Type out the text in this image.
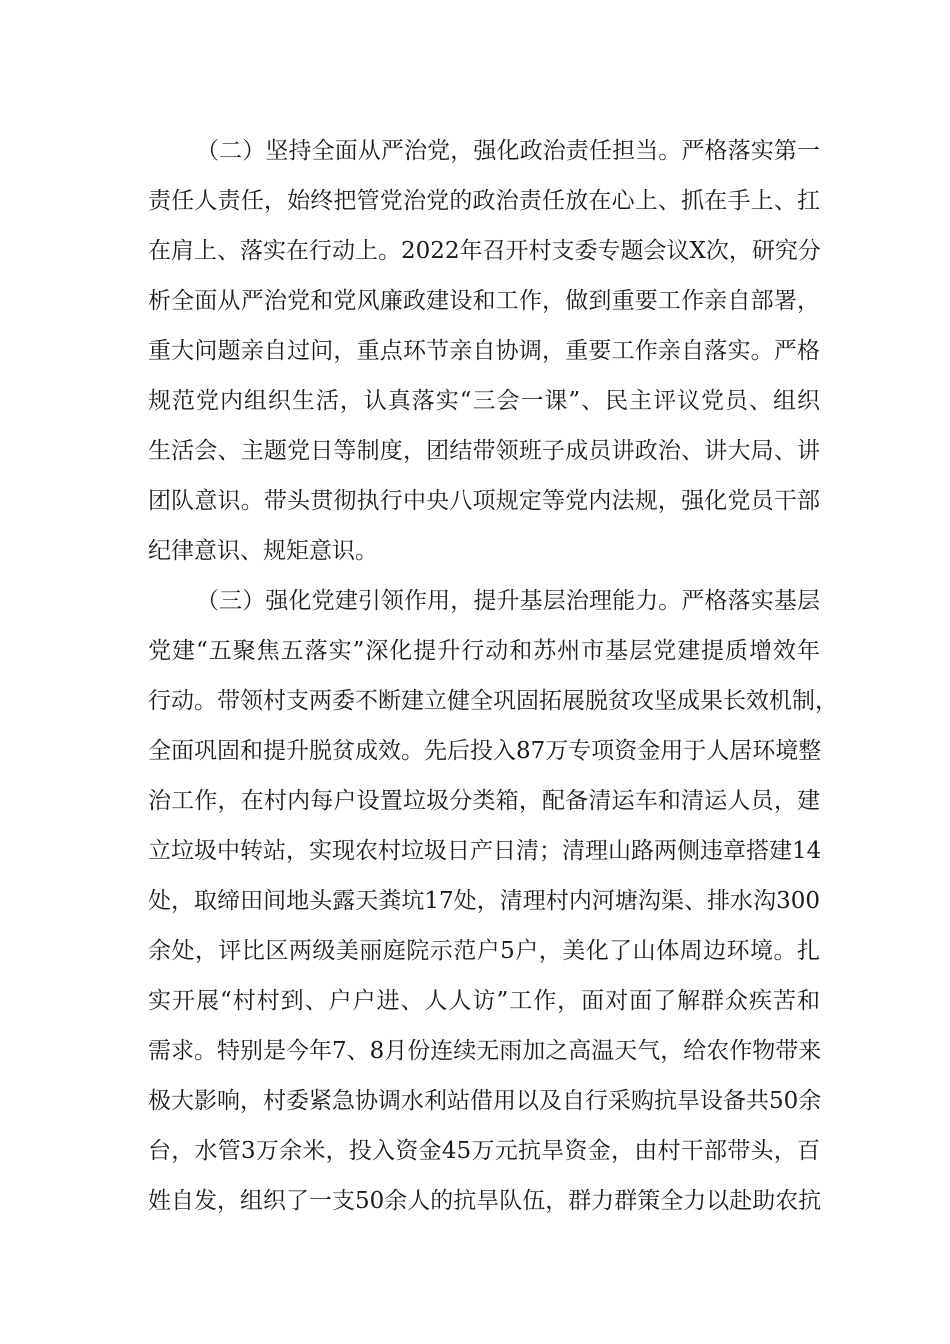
（二）坚持全面从严治党，强化政治责任担当。严格落实第一
责任人责任，始终把管党治党的政治责任放在心上、抓在手上、扛
在肩上、落实在行动上。2022年召开村支委专题会议X次，研究分
析全面从严治党和党风廉政建设和工作，做到重要工作亲自部署，
重大问题亲自过问，重点环节亲自协调，重要工作亲自落实。严格
规范党内组织生活，认真落实“三会一课”、民主评议党员、组织
生活会、主题党日等制度，团结带领班子成员讲政治、讲大局、讲
团队意识。带头贯彻执行中央八项规定等党内法规，强化党员干部
纪律意识、规矩意识。
（三）强化党建引领作用，提升基层治理能力。严格落实基层
党建“五聚焦五落实”深化提升行动和苏州市基层党建提质增效年
行动。带领村支两委不断建立健全巩固拓展脱贫攻坚成果长效机制，
全面巩固和提升脱贫成效。先后投入87万专项资金用于人居环境整
治工作，在村内每户设置垃圾分类箱，配备清运车和清运人员，建
立垃圾中转站，实现农村垃圾日产日清；清理山路两侧违章搭建14
处，取缔田间地头露天粪坑17处，清理村内河塘沟渠、排水沟300
余处，评比区两级美丽庭院示范户5户，美化了山体周边环境。扎
实开展“村村到、户户进、人人访”工作，面对面了解群众疾苦和
需求。特别是今年7、8月份连续无雨加之高温天气，给农作物带来
极大影响，村委紧急协调水利站借用以及自行采购抗旱设备共50余
台，水管3万余米，投入资金45万元抗旱资金，由村干部带头，百
姓自发，组织了一支50余人的抗旱队伍，群力群策全力以赴助农抗
